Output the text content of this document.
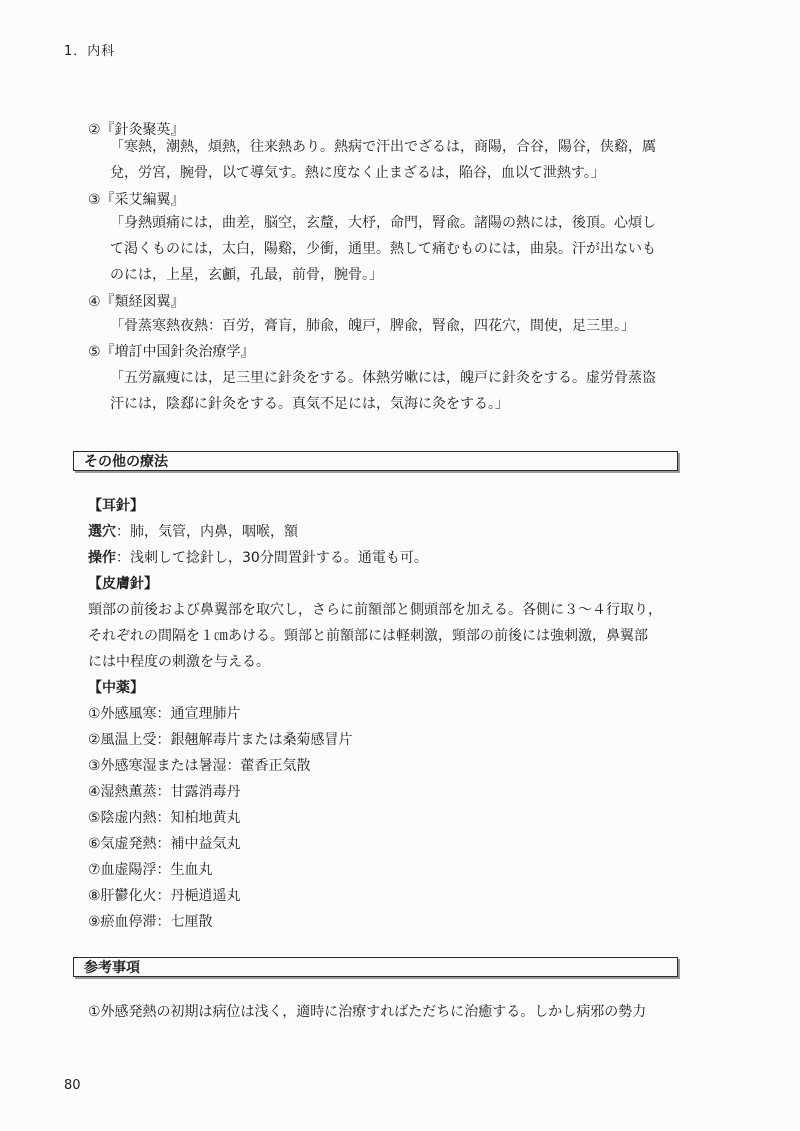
1．内科
②『針灸聚英』
「寒熱，潮熱，煩熱，往来熱あり。熱病で汗出でざるは，商陽，合谷，陽谷，侠谿，厲
兌，労宮，腕骨，以て導気す。熱に度なく止まざるは，陥谷，血以て泄熱す。」
③『采艾編翼』
「身熱頭痛には，曲差，脳空，玄釐，大杼，命門，腎兪。諸陽の熱には，後頂。心煩し
て渇くものには，太白，陽谿，少衝，通里。熱して痛むものには，曲泉。汗が出ないも
のには，上星，玄顱，孔最，前骨，腕骨。」
④『類経図翼』
「骨蒸寒熱夜熱：百労，膏肓，肺兪，魄戸，脾兪，腎兪，四花穴，間使，足三里。」
⑤『増訂中国針灸治療学』
「五労羸痩には，足三里に針灸をする。体熱労嗽には，魄戸に針灸をする。虚労骨蒸盗
汗には，陰郄に針灸をする。真気不足には，気海に灸をする。」
その他の療法
【耳針】
選穴：肺，気管，内鼻，咽喉，額
操作：浅刺して捻針し，30分間置針する。通電も可。
【皮膚針】
頸部の前後および鼻翼部を取穴し，さらに前額部と側頭部を加える。各側に３～４行取り，
それぞれの間隔を１㎝あける。頸部と前額部には軽刺激，頸部の前後には強刺激，鼻翼部
には中程度の刺激を与える。
【中薬】
①外感風寒：通宣理肺片
②風温上受：銀翹解毒片または桑菊感冒片
③外感寒湿または暑湿：藿香正気散
④湿熱薫蒸：甘露消毒丹
⑤陰虚内熱：知柏地黄丸
⑥気虚発熱：補中益気丸
⑦血虚陽浮：生血丸
⑧肝鬱化火：丹梔逍遥丸
⑨瘀血停滞：七厘散
参考事項
①外感発熱の初期は病位は浅く，適時に治療すればただちに治癒する。しかし病邪の勢力
80
